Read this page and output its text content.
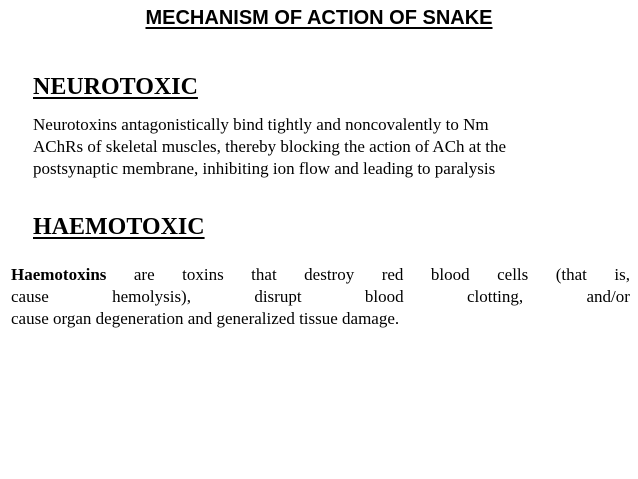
MECHANISM OF ACTION OF SNAKE
NEUROTOXIC

Neurotoxins antagonistically bind tightly and noncovalently to Nm
AChRs of skeletal muscles, thereby blocking the action of ACh at the
postsynaptic membrane, inhibiting ion flow and leading to paralysis

HAEMOTOXIC
Haemotoxins are toxins that destroy red blood cells (that is,
cause	hemolysis),	disrupt	blood	clotting,	and/or
cause organ degeneration and generalized tissue damage.
